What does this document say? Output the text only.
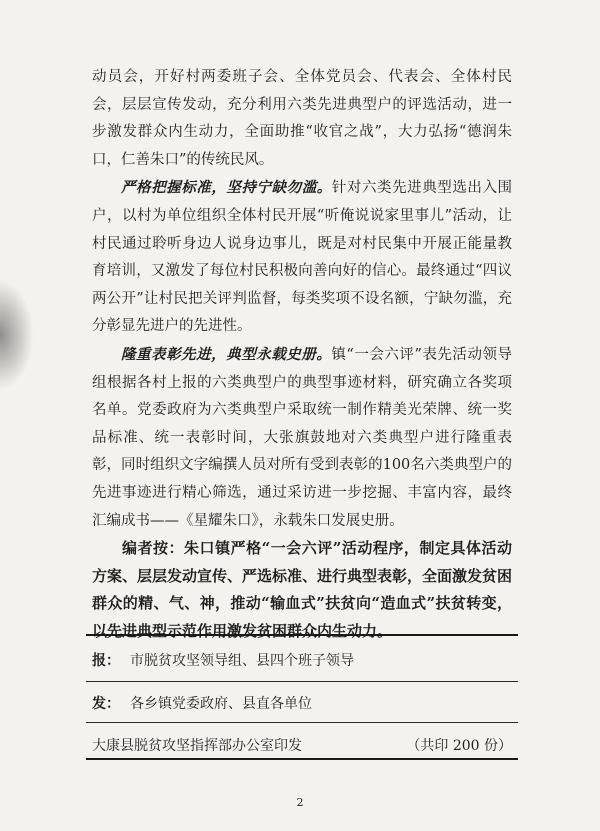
动员会，开好村两委班子会、全体党员会、代表会、全体村民会，层层宣传发动，充分利用六类先进典型户的评选活动，进一步激发群众内生动力，全面助推“收官之战”，大力弘扬“德润朱口，仁善朱口”的传统民风。

严格把握标准，坚持宁缺勿滥。针对六类先进典型选出入围户，以村为单位组织全体村民开展“听俺说说家里事儿”活动，让村民通过聆听身边人说身边事儿，既是对村民集中开展正能量教育培训，又激发了每位村民积极向善向好的信心。最终通过“四议两公开”让村民把关评判监督，每类奖项不设名额，宁缺勿滥，充分彰显先进户的先进性。

隆重表彰先进，典型永载史册。镇“一会六评”表先活动领导组根据各村上报的六类典型户的典型事迹材料，研究确立各奖项名单。党委政府为六类典型户采取统一制作精美光荣牌、统一奖品标准、统一表彰时间，大张旗鼓地对六类典型户进行隆重表彰，同时组织文字编撰人员对所有受到表彰的100名六类典型户的先进事迹进行精心筛选，通过采访进一步挖掘、丰富内容，最终汇编成书——《星耀朱口》，永载朱口发展史册。

编者按：朱口镇严格“一会六评”活动程序，制定具体活动方案、层层发动宣传、严选标准、进行典型表彰，全面激发贫困群众的精、气、神，推动“输血式”扶贫向“造血式”扶贫转变，以先进典型示范作用激发贫困群众内生动力。

报： 市脱贫攻坚领导组、县四个班子领导
发： 各乡镇党委政府、县直各单位
大康县脱贫攻坚指挥部办公室印发	（共印 200 份）
2
